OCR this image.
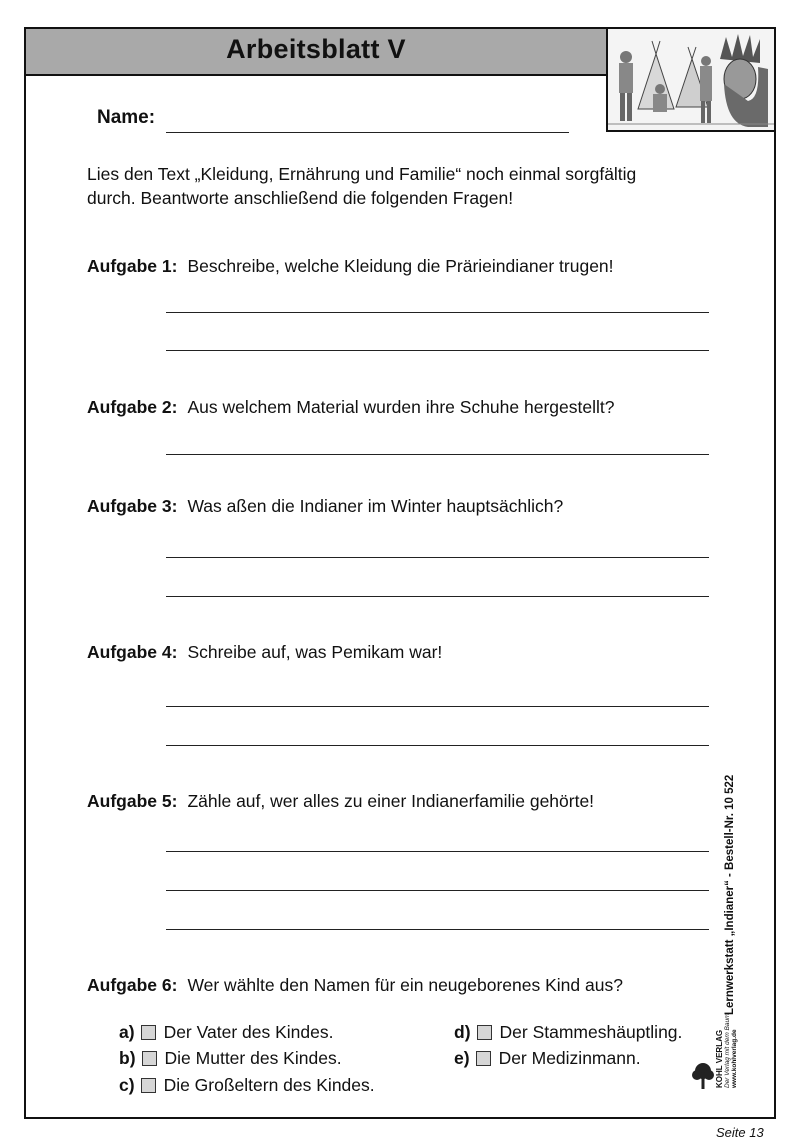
Arbeitsblatt V
Name:
Lies den Text „Kleidung, Ernährung und Familie“ noch einmal sorgfältig
durch. Beantworte anschließend die folgenden Fragen!
Aufgabe 1: Beschreibe, welche Kleidung die Prärieindianer trugen!
Aufgabe 2: Aus welchem Material wurden ihre Schuhe hergestellt?
Aufgabe 3: Was aßen die Indianer im Winter hauptsächlich?
Aufgabe 4: Schreibe auf, was Pemikam war!
Aufgabe 5: Zähle auf, wer alles zu einer Indianerfamilie gehörte!
Aufgabe 6: Wer wählte den Namen für ein neugeborenes Kind aus?
a) Der Vater des Kindes.
b) Die Mutter des Kindes.
c) Die Großeltern des Kindes.
d) Der Stammeshäuptling.
e) Der Medizinmann.
Lernwerkstatt „Indianer“ - Bestell-Nr. 10 522
KOHL VERLAG Der Verlag mit dem Baum www.kohlverlag.de
Seite 13
